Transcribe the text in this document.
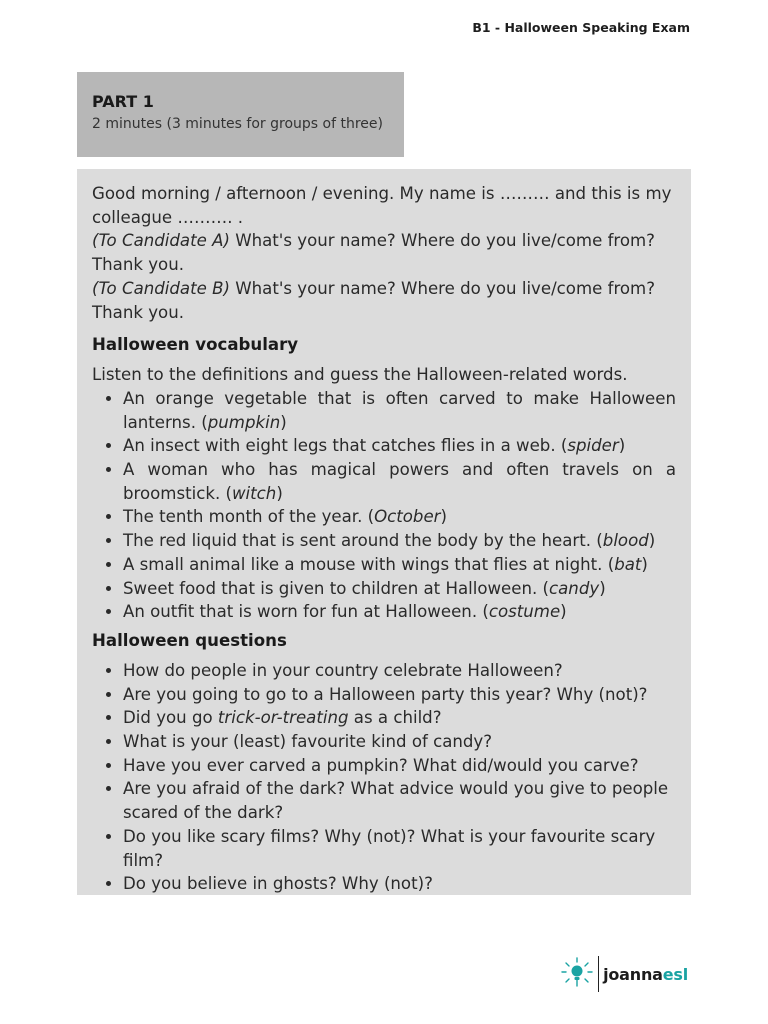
B1 - Halloween Speaking Exam
PART 1
2 minutes (3 minutes for groups of three)

Good morning / afternoon / evening. My name is ……… and this is my colleague ………. .
(To Candidate A) What's your name? Where do you live/come from? Thank you.
(To Candidate B) What's your name? Where do you live/come from? Thank you.

Halloween vocabulary

Listen to the definitions and guess the Halloween-related words.

• An orange vegetable that is often carved to make Halloween lanterns. (pumpkin)
• An insect with eight legs that catches flies in a web. (spider)
• A woman who has magical powers and often travels on a broomstick. (witch)
• The tenth month of the year. (October)
• The red liquid that is sent around the body by the heart. (blood)
• A small animal like a mouse with wings that flies at night. (bat)
• Sweet food that is given to children at Halloween. (candy)
• An outfit that is worn for fun at Halloween. (costume)

Halloween questions

• How do people in your country celebrate Halloween?
• Are you going to go to a Halloween party this year? Why (not)?
• Did you go trick-or-treating as a child?
• What is your (least) favourite kind of candy?
• Have you ever carved a pumpkin? What did/would you carve?
• Are you afraid of the dark? What advice would you give to people scared of the dark?
• Do you like scary films? Why (not)? What is your favourite scary film?
• Do you believe in ghosts? Why (not)?
joannaesl
